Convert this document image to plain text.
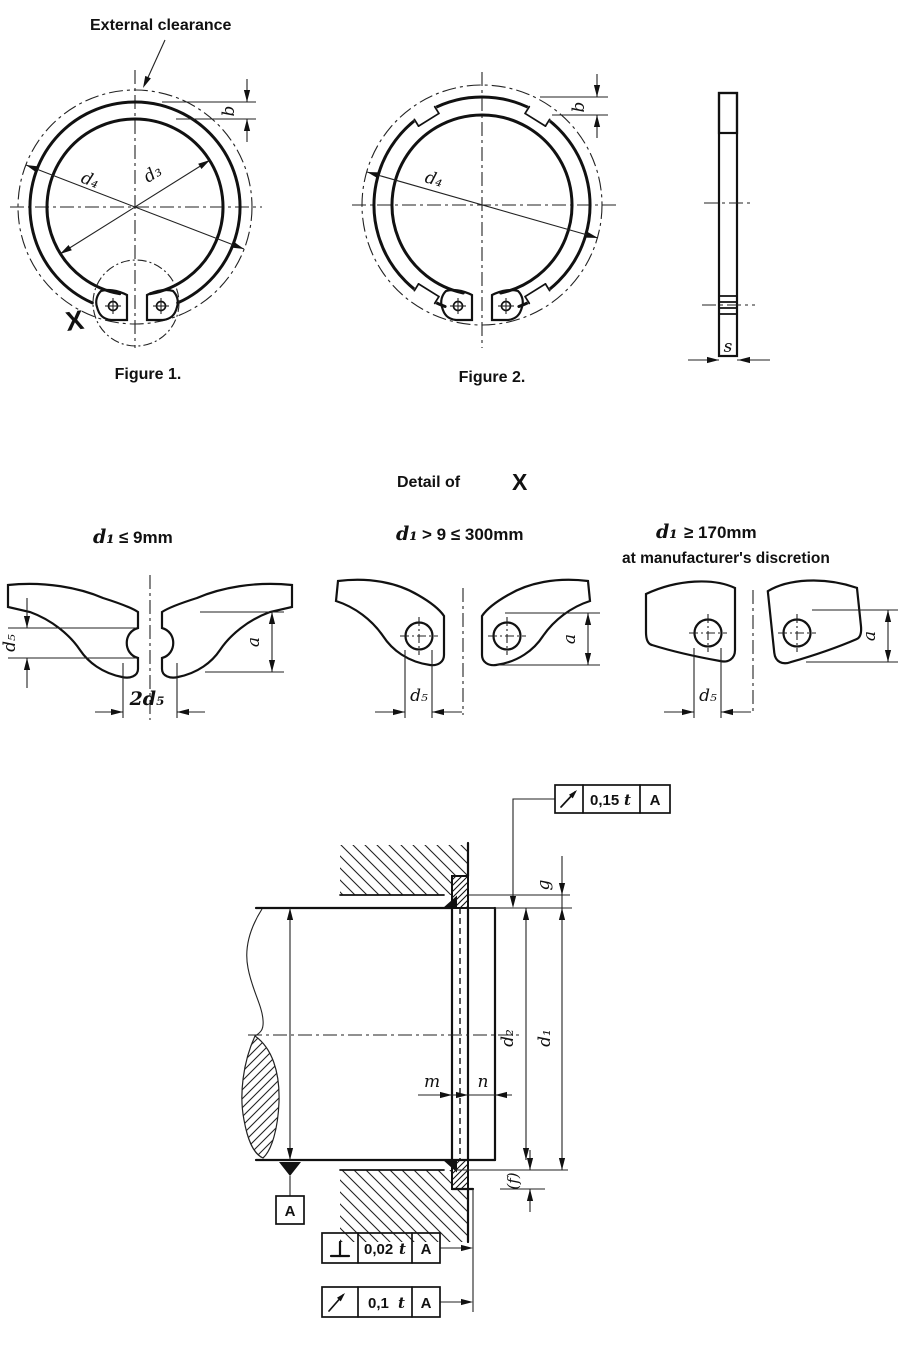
X
External clearance
b
d₄ d₃
Figure 1.
b
d₄
Figure 2.
s
Detail of X
d₁ ≤ 9mm
d₅
2d₅
a
d₁ > 9 ≤ 300mm
d₅
a
d₁ ≥ 170mm
at manufacturer's discretion
d₅
a
A
g
d₁
d₂
(f)
m n
0,15 t A
0,02 t A
0,1 t A
